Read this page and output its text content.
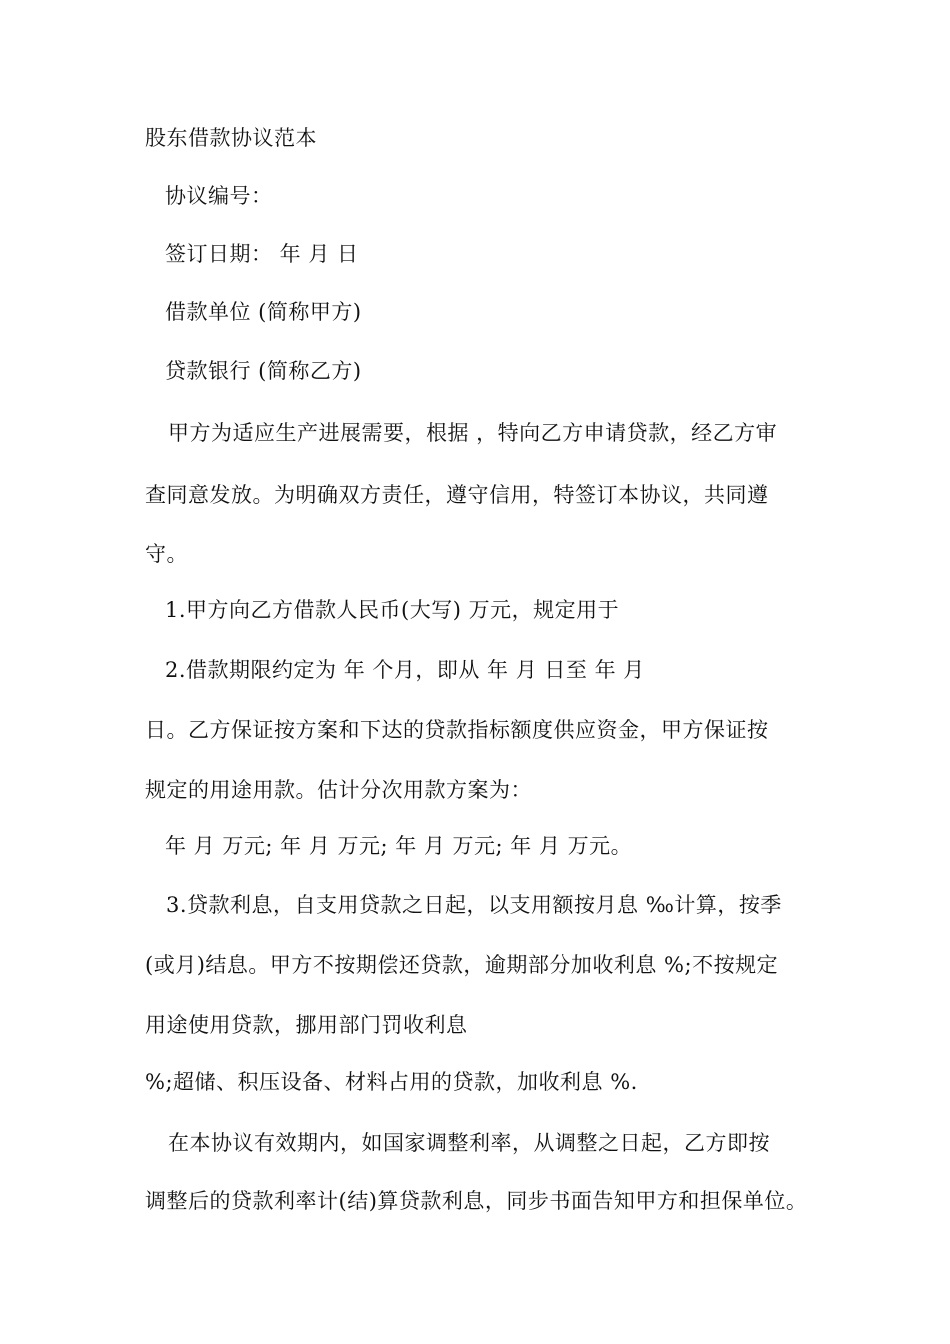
股东借款协议范本
协议编号：
签订日期： 年 月 日
借款单位 (简称甲方)
贷款银行 (简称乙方)
甲方为适应生产进展需要，根据 ，特向乙方申请贷款，经乙方审
查同意发放。为明确双方责任，遵守信用，特签订本协议，共同遵
守。
1.甲方向乙方借款人民币(大写) 万元，规定用于
2.借款期限约定为 年 个月，即从 年 月 日至 年 月
日。乙方保证按方案和下达的贷款指标额度供应资金，甲方保证按
规定的用途用款。估计分次用款方案为：
年 月 万元; 年 月 万元; 年 月 万元; 年 月 万元。
3.贷款利息，自支用贷款之日起，以支用额按月息 ‰计算，按季
(或月)结息。甲方不按期偿还贷款，逾期部分加收利息 %;不按规定
用途使用贷款，挪用部门罚收利息
%;超储、积压设备、材料占用的贷款，加收利息 %.
在本协议有效期内，如国家调整利率，从调整之日起，乙方即按
调整后的贷款利率计(结)算贷款利息，同步书面告知甲方和担保单位。
